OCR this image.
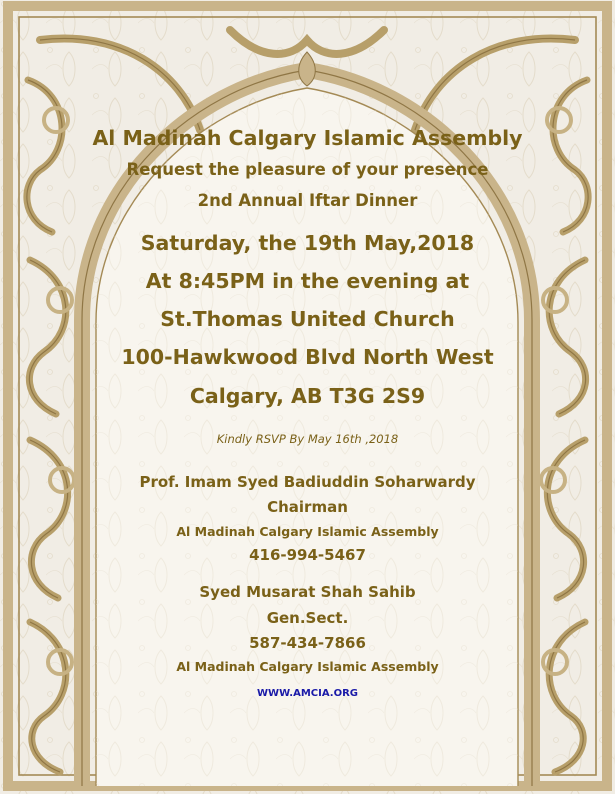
Al Madinah Calgary Islamic Assembly
Request the pleasure of your presence
2nd Annual Iftar Dinner
Saturday, the 19th May,2018
At 8:45PM in the evening at
St.Thomas United Church
100-Hawkwood Blvd North West
Calgary, AB T3G 2S9
Kindly RSVP By May 16th ,2018
Prof. Imam Syed Badiuddin Soharwardy
Chairman
Al Madinah Calgary Islamic Assembly
416-994-5467
Syed Musarat Shah Sahib
Gen.Sect.
587-434-7866
Al Madinah Calgary Islamic Assembly
WWW.AMCIA.ORG
